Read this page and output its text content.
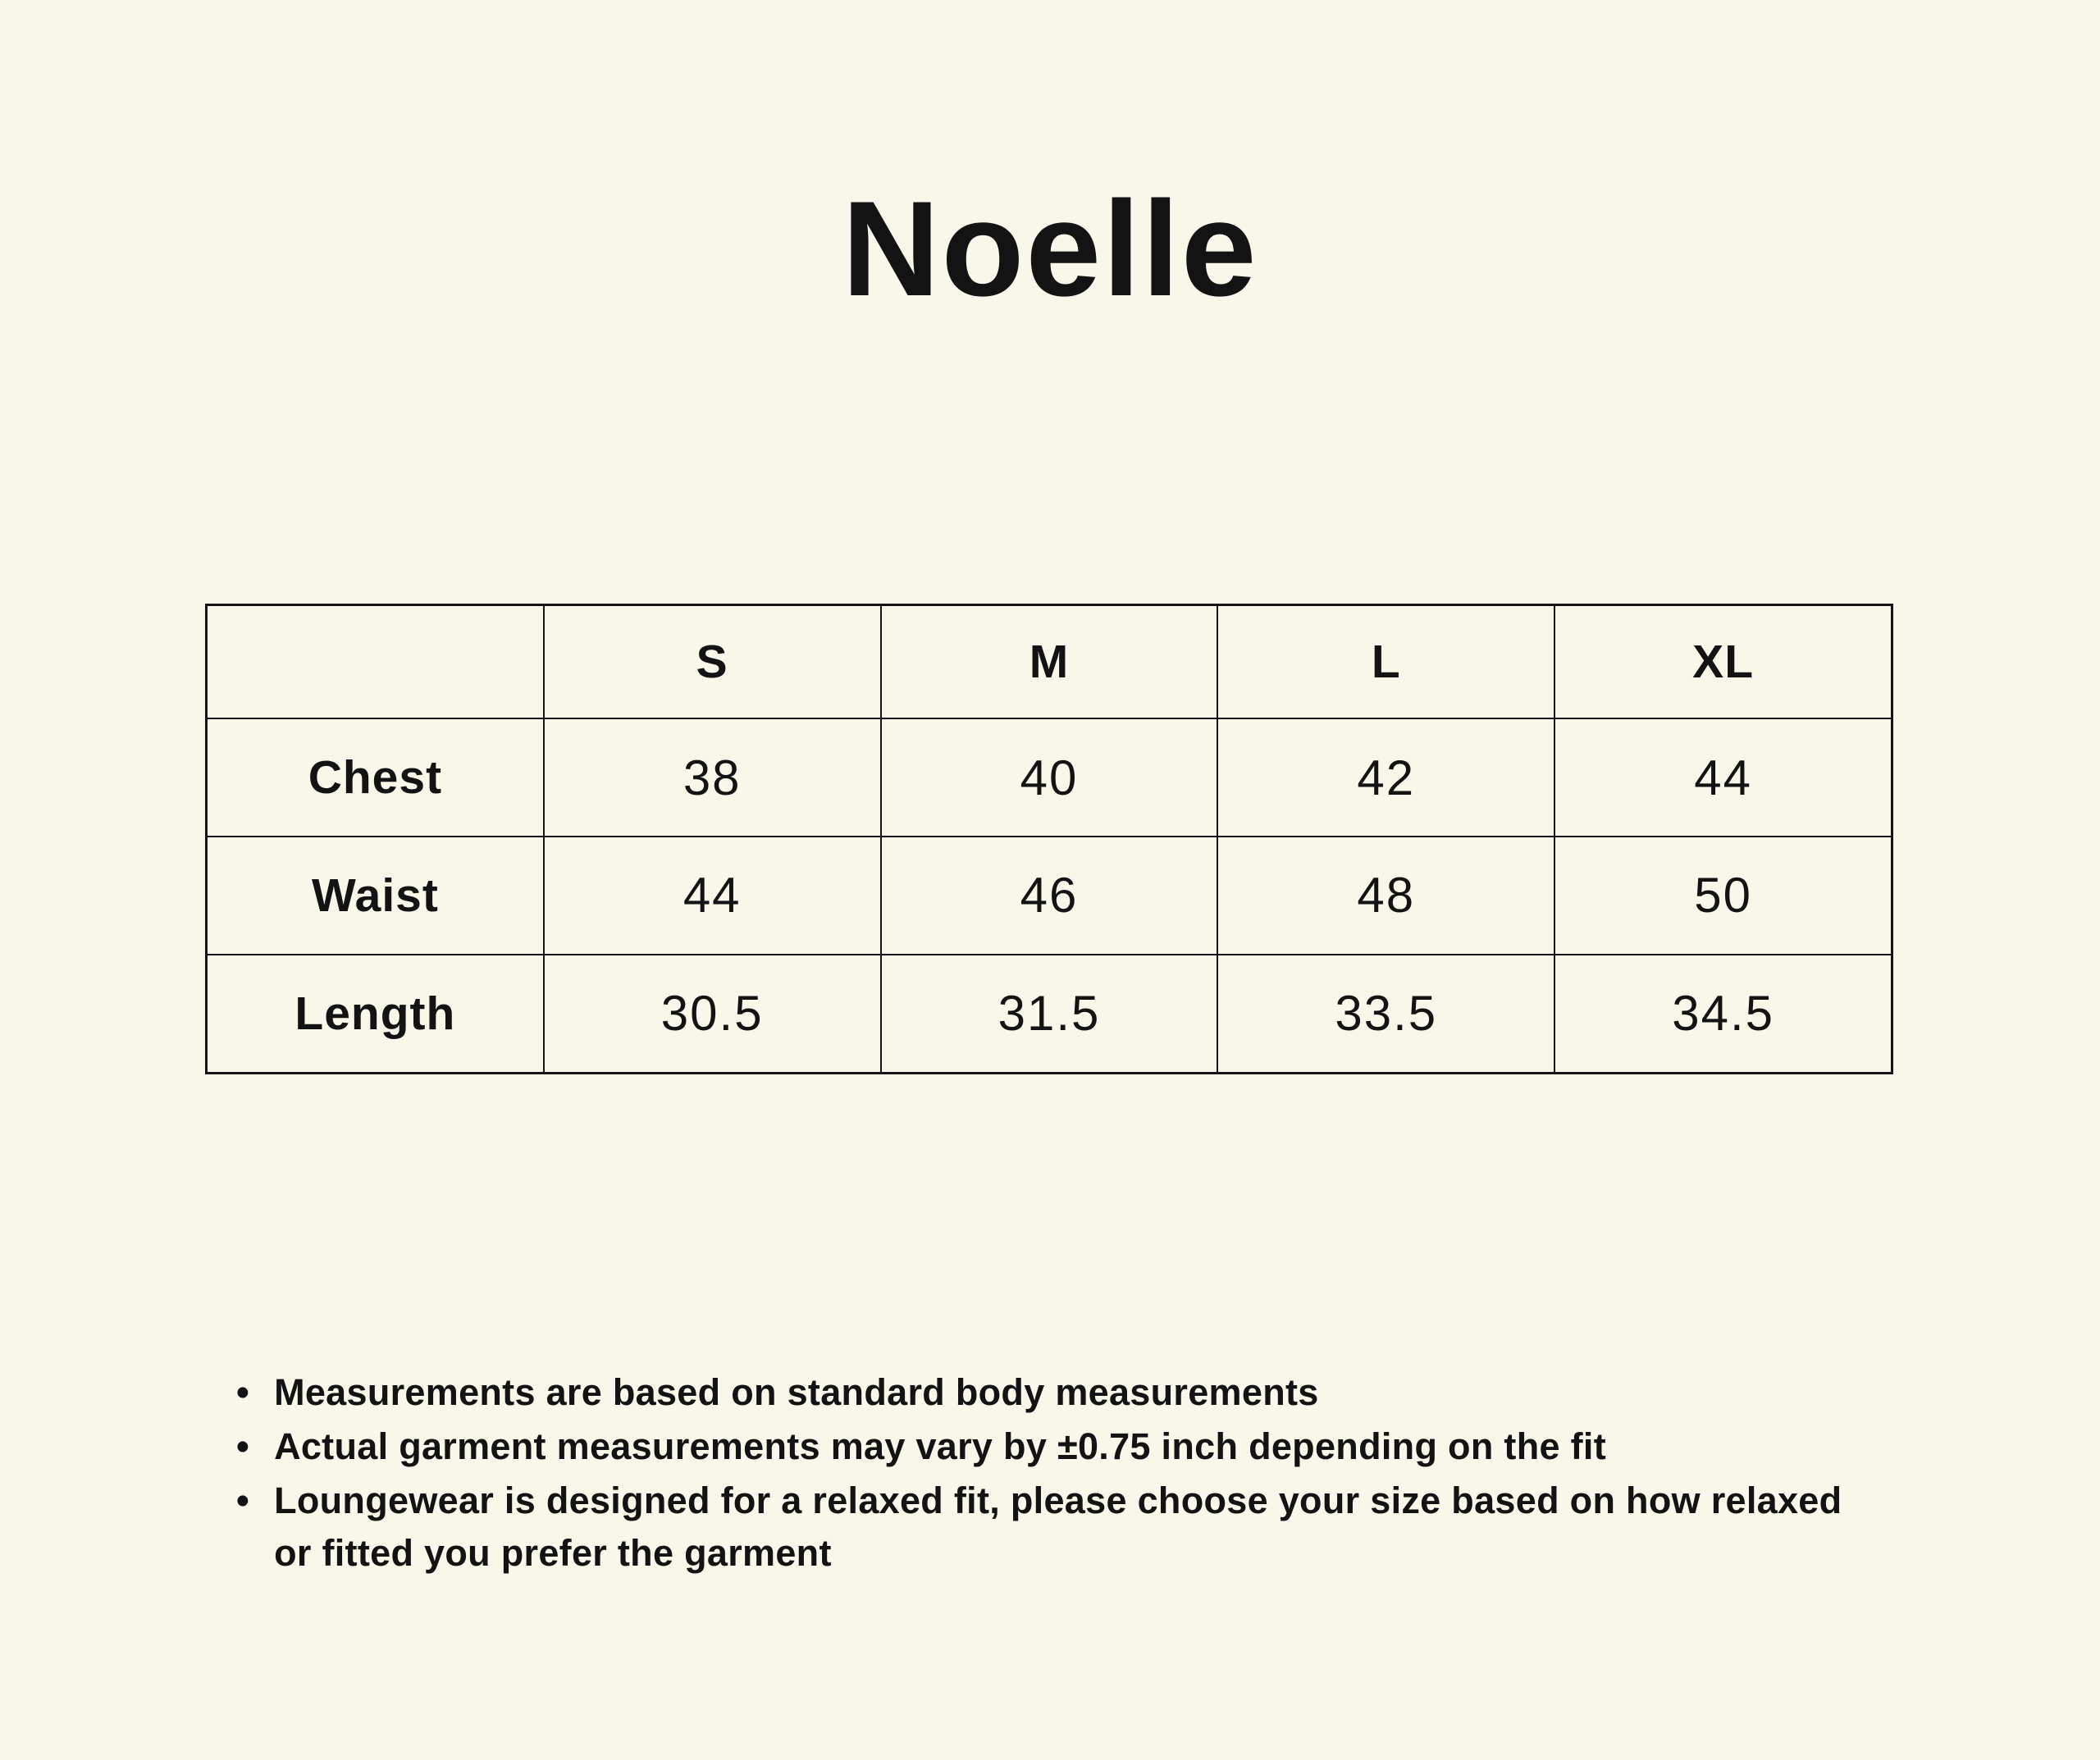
Noelle
	S	M	L	XL
Chest	38	40	42	44
Waist	44	46	48	50
Length	30.5	31.5	33.5	34.5
• Measurements are based on standard body measurements
• Actual garment measurements may vary by ±0.75 inch depending on the fit
• Loungewear is designed for a relaxed fit, please choose your size based on how relaxed or fitted you prefer the garment
